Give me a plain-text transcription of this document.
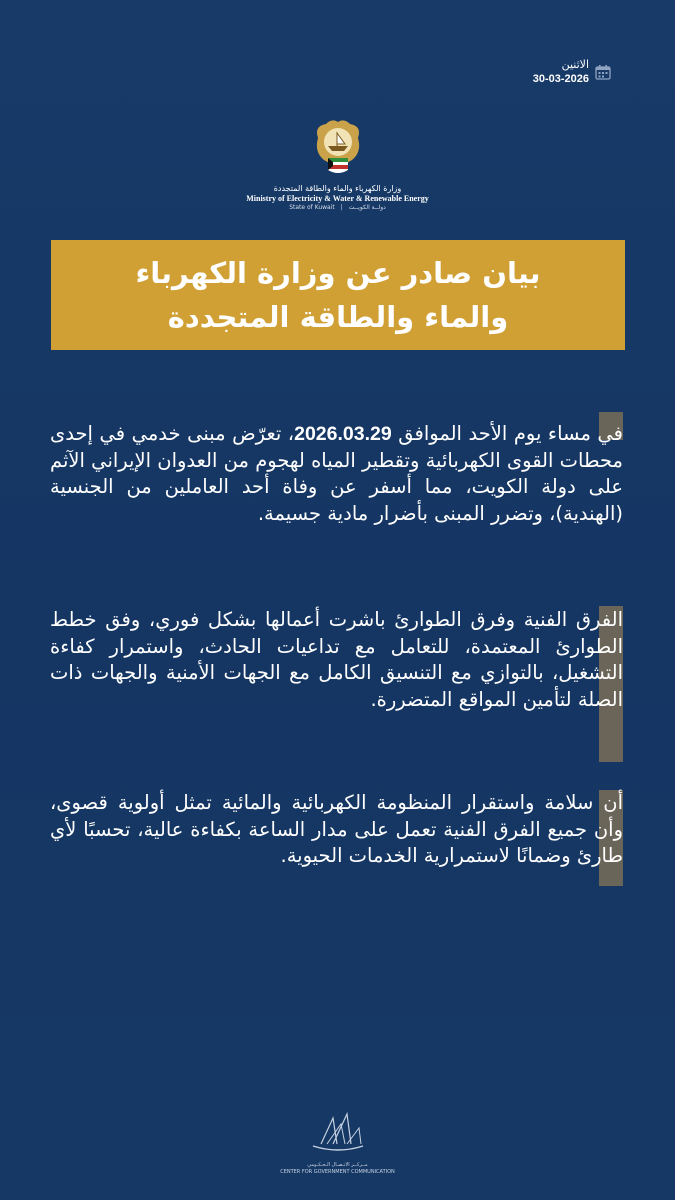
الاثنين
30-03-2026
وزارة الكهرباء والماء والطاقة المتجددة
Ministry of Electricity & Water & Renewable Energy
State of Kuwait | دولــة الكويــت
بيان صادر عن وزارة الكهرباء
والماء والطاقة المتجددة
في مساء يوم الأحد الموافق 2026.03.29، تعرّض مبنى خدمي في إحدى محطات القوى الكهربائية وتقطير المياه لهجوم من العدوان الإيراني الآثم على دولة الكويت، مما أسفر عن وفاة أحد العاملين من الجنسية (الهندية)، وتضرر المبنى بأضرار مادية جسيمة.
الفرق الفنية وفرق الطوارئ باشرت أعمالها بشكل فوري، وفق خطط الطوارئ المعتمدة، للتعامل مع تداعيات الحادث، واستمرار كفاءة التشغيل، بالتوازي مع التنسيق الكامل مع الجهات الأمنية والجهات ذات الصلة لتأمين المواقع المتضررة.
أن سلامة واستقرار المنظومة الكهربائية والمائية تمثل أولوية قصوى، وأن جميع الفرق الفنية تعمل على مدار الساعة بكفاءة عالية، تحسبًا لأي طارئ وضمانًا لاستمرارية الخدمات الحيوية.
مــركــز الاتـصـال الـحـكـومي
CENTER FOR GOVERNMENT COMMUNICATION
